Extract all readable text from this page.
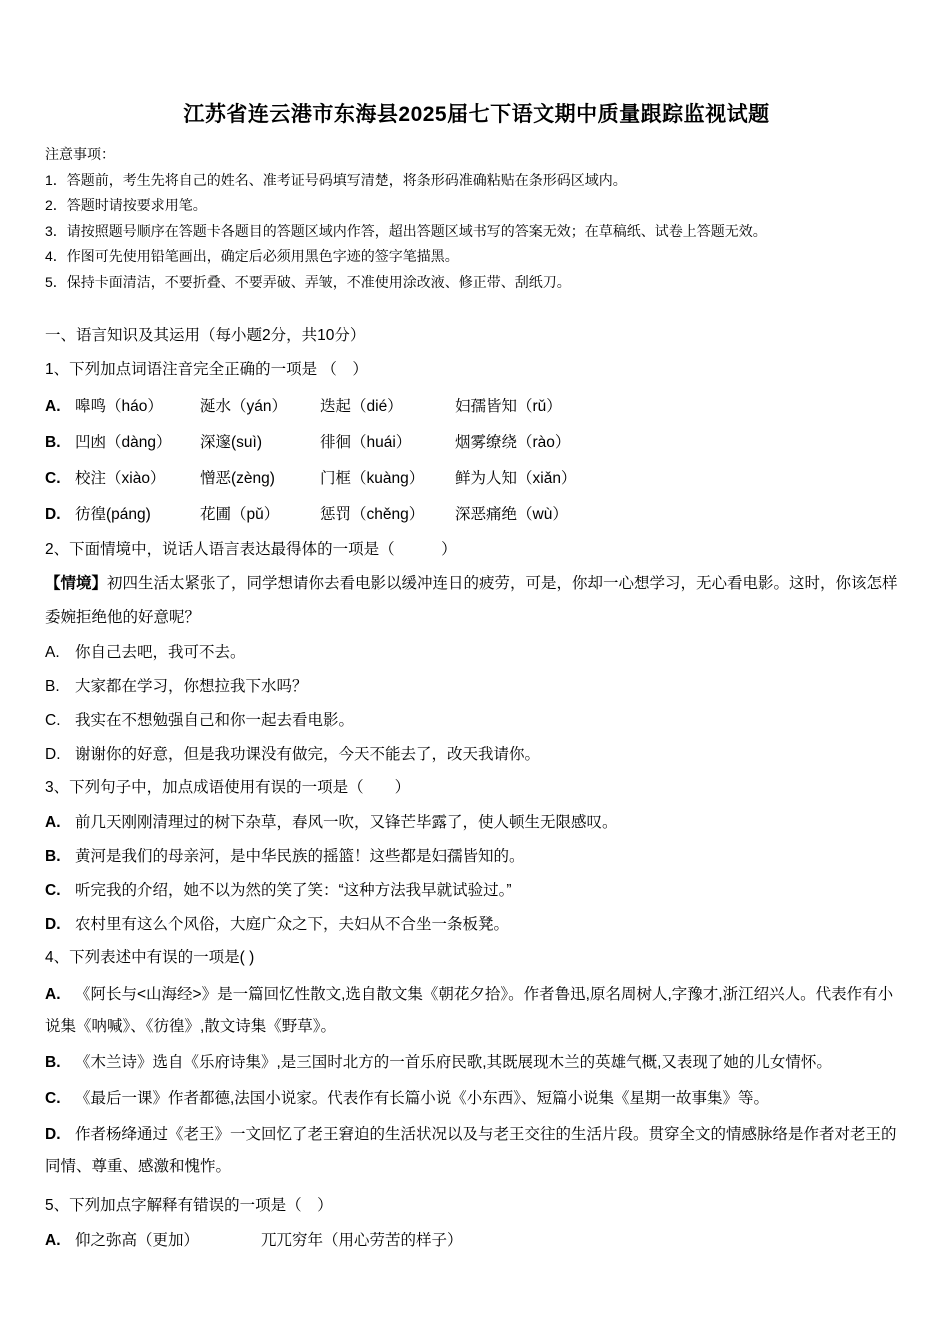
江苏省连云港市东海县2025届七下语文期中质量跟踪监视试题

注意事项：

1．答题前，考生先将自己的姓名、准考证号码填写清楚，将条形码准确粘贴在条形码区域内。

2．答题时请按要求用笔。

3．请按照题号顺序在答题卡各题目的答题区域内作答，超出答题区域书写的答案无效；在草稿纸、试卷上答题无效。

4．作图可先使用铅笔画出，确定后必须用黑色字迹的签字笔描黑。

5．保持卡面清洁，不要折叠、不要弄破、弄皱，不准使用涂改液、修正带、刮纸刀。

一、语言知识及其运用（每小题2分，共10分）

1、下列加点词语注音完全正确的一项是 （　）

A. 嗥鸣（háo）	涎水（yán）	迭起（dié）	妇孺皆知（rǔ）
B. 凹凼（dàng）	深邃(suì)	徘徊（huái）	烟雾缭绕（rào）
C. 校注（xiào）	憎恶(zèng)	门框（kuàng）	鲜为人知（xiǎn）
D. 彷徨(páng)	花圃（pǔ）	惩罚（chěng）	深恶痛绝（wù）

2、下面情境中，说话人语言表达最得体的一项是（　　　）

【情境】初四生活太紧张了，同学想请你去看电影以缓冲连日的疲劳，可是，你却一心想学习，无心看电影。这时，你该怎样委婉拒绝他的好意呢？

A. 你自己去吧，我可不去。

B. 大家都在学习，你想拉我下水吗？

C. 我实在不想勉强自己和你一起去看电影。

D. 谢谢你的好意，但是我功课没有做完，今天不能去了，改天我请你。

3、下列句子中，加点成语使用有误的一项是（　　）

A. 前几天刚刚清理过的树下杂草，春风一吹，又锋芒毕露了，使人顿生无限感叹。

B. 黄河是我们的母亲河，是中华民族的摇篮！这些都是妇孺皆知的。

C. 听完我的介绍，她不以为然的笑了笑：“这种方法我早就试验过。”

D. 农村里有这么个风俗，大庭广众之下，夫妇从不合坐一条板凳。

4、下列表述中有误的一项是( )

A. 《阿长与<山海经>》是一篇回忆性散文,选自散文集《朝花夕拾》。作者鲁迅,原名周树人,字豫才,浙江绍兴人。代表作有小说集《呐喊》、《彷徨》,散文诗集《野草》。

B. 《木兰诗》选自《乐府诗集》,是三国时北方的一首乐府民歌,其既展现木兰的英雄气概,又表现了她的儿女情怀。

C. 《最后一课》作者都德,法国小说家。代表作有长篇小说《小东西》、短篇小说集《星期一故事集》等。

D. 作者杨绛通过《老王》一文回忆了老王窘迫的生活状况以及与老王交往的生活片段。贯穿全文的情感脉络是作者对老王的同情、尊重、感激和愧怍。

5、下列加点字解释有错误的一项是（　）

A. 仰之弥高（更加）	兀兀穷年（用心劳苦的样子）
